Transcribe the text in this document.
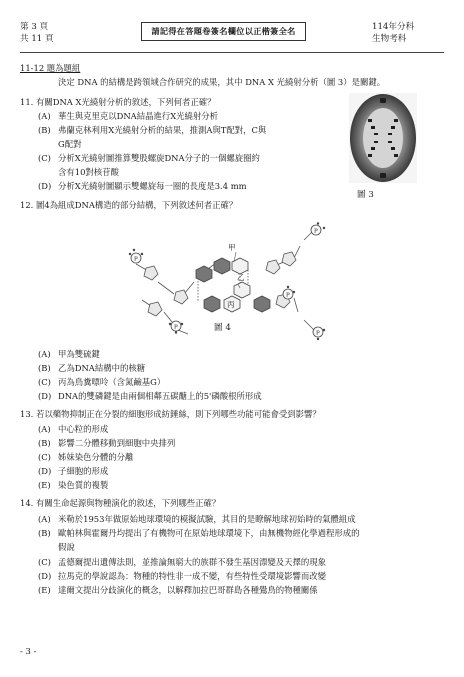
第 3 頁
共 11 頁
請記得在答題卷簽名欄位以正楷簽全名	114年分科
生物考科
11-12 題為題組
決定 DNA 的結構是跨領域合作研究的成果，其中 DNA X 光繞射分析（圖 3）是關鍵。
圖 3
11. 有關DNA X光繞射分析的敘述，下列何者正確？
(A) 華生與克里克以DNA結晶進行X光繞射分析
(B) 弗蘭克林利用X光繞射分析的結果，推測A與T配對，C與
G配對
(C) 分析X光繞射圖推算雙股螺旋DNA分子的一個螺旋圈約
含有10對核苷酸
(D) 分析X光繞射圖顯示雙螺旋每一圈的長度是3.4 mm
12. 圖4為組成DNA構造的部分結構，下列敘述何者正確？
甲
乙
丙
P
P
P
P
P
圖 4
(A) 甲為雙硫鍵
(B) 乙為DNA結構中的核糖
(C) 丙為鳥糞嘌呤（含氮鹼基G）
(D) DNA的雙磷鍵是由兩個相鄰五碳醣上的5'磷酸根所形成
13. 若以藥物抑制正在分裂的細胞形成紡錘絲，則下列哪些功能可能會受到影響？
(A) 中心粒的形成
(B) 影響二分體移動到細胞中央排列
(C) 姊妹染色分體的分離
(D) 子細胞的形成
(E) 染色質的複製
14. 有關生命起源與物種演化的敘述，下列哪些正確？
(A) 米勒於1953年做原始地球環境的模擬試驗，其目的是瞭解地球初始時的氣體組成
(B) 歐帕林與霍爾丹均提出了有機物可在原始地球環境下，由無機物經化學過程形成的
假說
(C) 孟德爾提出遺傳法則，並推論無窮大的族群不發生基因漂變及天擇的現象
(D) 拉馬克的學說認為：物種的特性非一成不變，有些特性受環境影響而改變
(E) 達爾文提出分歧演化的概念，以解釋加拉巴哥群島各種鷽鳥的物種關係
- 3 -
